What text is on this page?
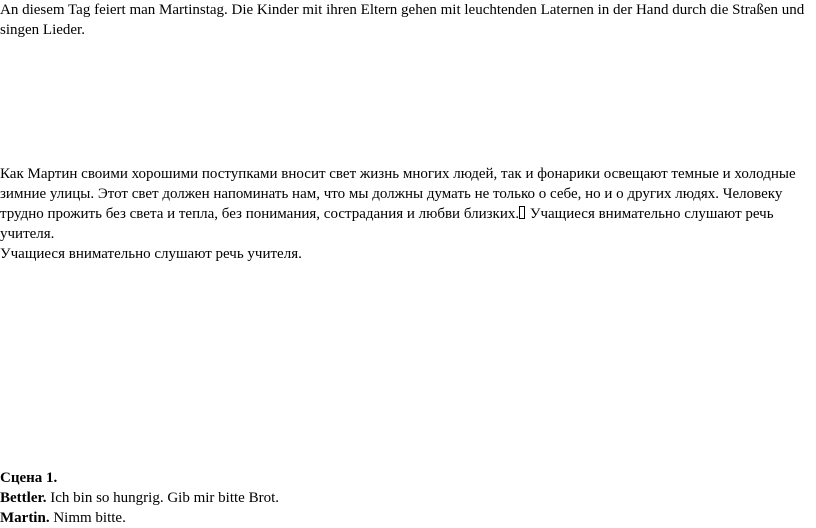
An diesem Tag feiert man Martinstag. Die Kinder mit ihren Eltern gehen mit leuchtenden Laternen in der Hand durch die Straßen und singen Lieder.

Как Мартин своими хорошими поступками вносит свет жизнь многих людей, так и фонарики освещают темные и холодные зимние улицы. Этот свет должен напоминать нам, что мы должны думать не только о себе, но и о других людях. Человеку трудно прожить без света и тепла, без понимания, сострадания и любви близких. Учащиеся внимательно слушают речь учителя.

Учащиеся внимательно слушают речь учителя.

Сцена 1.
Bettler. Ich bin so hungrig. Gib mir bitte Brot.
Martin. Nimm bitte.
